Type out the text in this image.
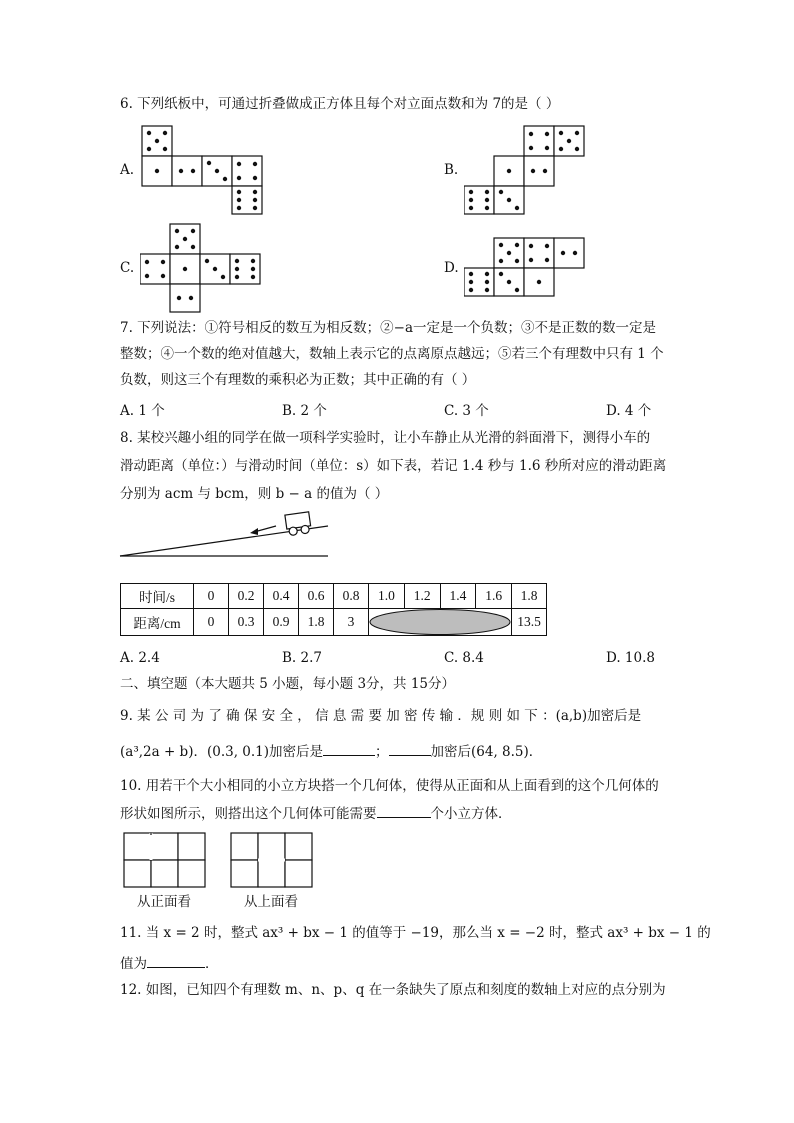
6. 下列纸板中，可通过折叠做成正方体且每个对立面点数和为 7的是（ ）
A.	B.
C.	D.
7. 下列说法：①符号相反的数互为相反数；②−a一定是一个负数；③不是正数的数一定是
整数；④一个数的绝对值越大，数轴上表示它的点离原点越远；⑤若三个有理数中只有 1 个
负数，则这三个有理数的乘积必为正数；其中正确的有（ ）
A. 1 个	B. 2 个	C. 3 个	D. 4 个
8. 某校兴趣小组的同学在做一项科学实验时，让小车静止从光滑的斜面滑下，测得小车的
滑动距离（单位：）与滑动时间（单位：s）如下表，若记 1.4 秒与 1.6 秒所对应的滑动距离
分别为 acm 与 bcm，则 b − a 的值为（ ）
时间/s	0	0.2	0.4	0.6	0.8	1.0	1.2	1.4	1.6	1.8
距离/cm	0	0.3	0.9	1.8	3					13.5
A. 2.4	B. 2.7	C. 8.4	D. 10.8
二、填空题（本大题共 5 小题，每小题 3分，共 15分）
9. 某 公 司 为 了 确 保 安 全 ， 信 息 需 要 加 密 传 输 ．规 则 如 下 ：(a,b)加密后是
(a³,2a + b)．(0.3, 0.1)加密后是	；	加密后(64, 8.5)．
10. 用若干个大小相同的小立方块搭一个几何体，使得从正面和从上面看到的这个几何体的
形状如图所示，则搭出这个几何体可能需要	个小立方体．
从正面看	从上面看
11. 当 x = 2 时，整式 ax³ + bx − 1 的值等于 −19，那么当 x = −2 时，整式 ax³ + bx − 1 的
值为	．
12. 如图，已知四个有理数 m、n、p、q 在一条缺失了原点和刻度的数轴上对应的点分别为
